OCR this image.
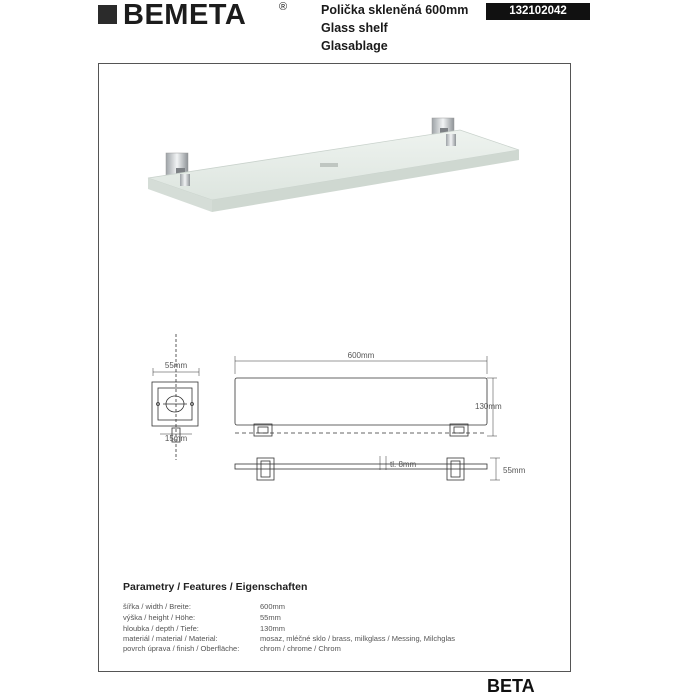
BEMETA	®	Polička skleněná 600mm
Glass shelf
Glasablage
132102042
55mm
15mm
600mm
130mm
tl. 8mm
55mm
Parametry / Features / Eigenschaften
šířka / width / Breite:	600mm
výška / height / Höhe:	55mm
hloubka / depth / Tiefe:	130mm
materiál / material / Material:	mosaz, mléčné sklo / brass, milkglass / Messing, Milchglas
povrch úprava / finish / Oberfläche:	chrom / chrome / Chrom
BETA
